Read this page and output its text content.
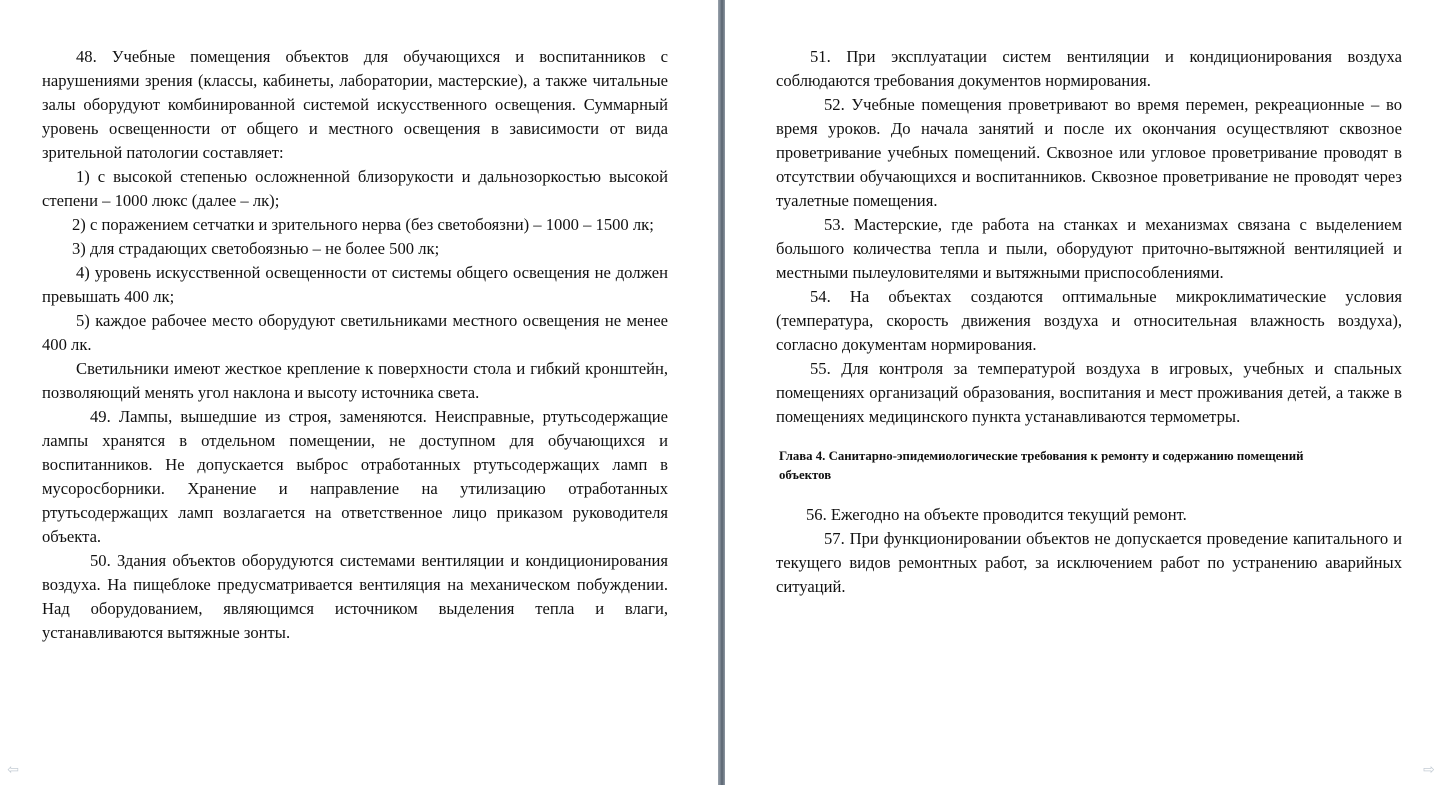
48. Учебные помещения объектов для обучающихся и воспитанников с нарушениями зрения (классы, кабинеты, лаборатории, мастерские), а также читальные залы оборудуют комбинированной системой искусственного освещения. Суммарный уровень освещенности от общего и местного освещения в зависимости от вида зрительной патологии составляет:

1) с высокой степенью осложненной близорукости и дальнозоркостью высокой степени – 1000 люкс (далее – лк);

2) с поражением сетчатки и зрительного нерва (без светобоязни) – 1000 – 1500 лк;

3) для страдающих светобоязнью – не более 500 лк;

4) уровень искусственной освещенности от системы общего освещения не должен превышать 400 лк;

5) каждое рабочее место оборудуют светильниками местного освещения не менее 400 лк.

Светильники имеют жесткое крепление к поверхности стола и гибкий кронштейн, позволяющий менять угол наклона и высоту источника света.

49. Лампы, вышедшие из строя, заменяются. Неисправные, ртутьсодержащие лампы хранятся в отдельном помещении, не доступном для обучающихся и воспитанников. Не допускается выброс отработанных ртутьсодержащих ламп в мусоросборники. Хранение и направление на утилизацию отработанных ртутьсодержащих ламп возлагается на ответственное лицо приказом руководителя объекта.

50. Здания объектов оборудуются системами вентиляции и кондиционирования воздуха. На пищеблоке предусматривается вентиляция на механическом побуждении. Над оборудованием, являющимся источником выделения тепла и влаги, устанавливаются вытяжные зонты.

51. При эксплуатации систем вентиляции и кондиционирования воздуха соблюдаются требования документов нормирования.

52. Учебные помещения проветривают во время перемен, рекреационные – во время уроков. До начала занятий и после их окончания осуществляют сквозное проветривание учебных помещений. Сквозное или угловое проветривание проводят в отсутствии обучающихся и воспитанников. Сквозное проветривание не проводят через туалетные помещения.

53. Мастерские, где работа на станках и механизмах связана с выделением большого количества тепла и пыли, оборудуют приточно-вытяжной вентиляцией и местными пылеуловителями и вытяжными приспособлениями.

54. На объектах создаются оптимальные микроклиматические условия (температура, скорость движения воздуха и относительная влажность воздуха), согласно документам нормирования.

55. Для контроля за температурой воздуха в игровых, учебных и спальных помещениях организаций образования, воспитания и мест проживания детей, а также в помещениях медицинского пункта устанавливаются термометры.

Глава 4. Санитарно-эпидемиологические требования к ремонту и содержанию помещений объектов

56. Ежегодно на объекте проводится текущий ремонт.

57. При функционировании объектов не допускается проведение капитального и текущего видов ремонтных работ, за исключением работ по устранению аварийных ситуаций.

⇦	⇨
